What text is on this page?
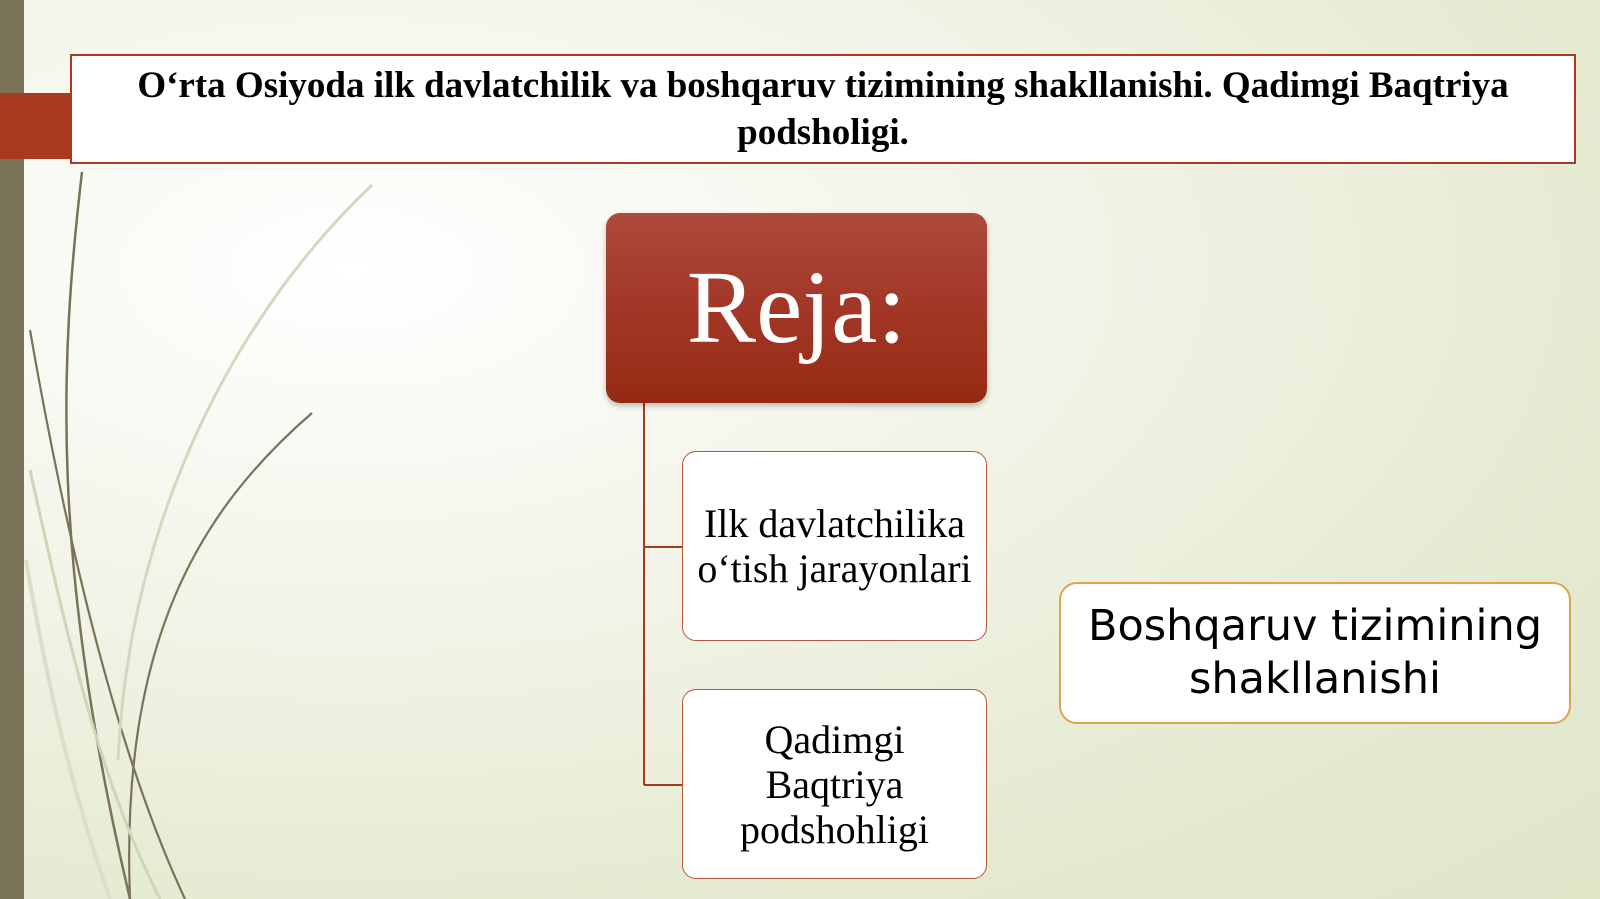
O‘rta Osiyoda ilk davlatchilik va boshqaruv tizimining shakllanishi. Qadimgi Baqtriya podsholigi.
Reja:
Ilk davlatchilika o‘tish jarayonlari
Qadimgi Baqtriya podshohligi
Boshqaruv tizimining shakllanishi
